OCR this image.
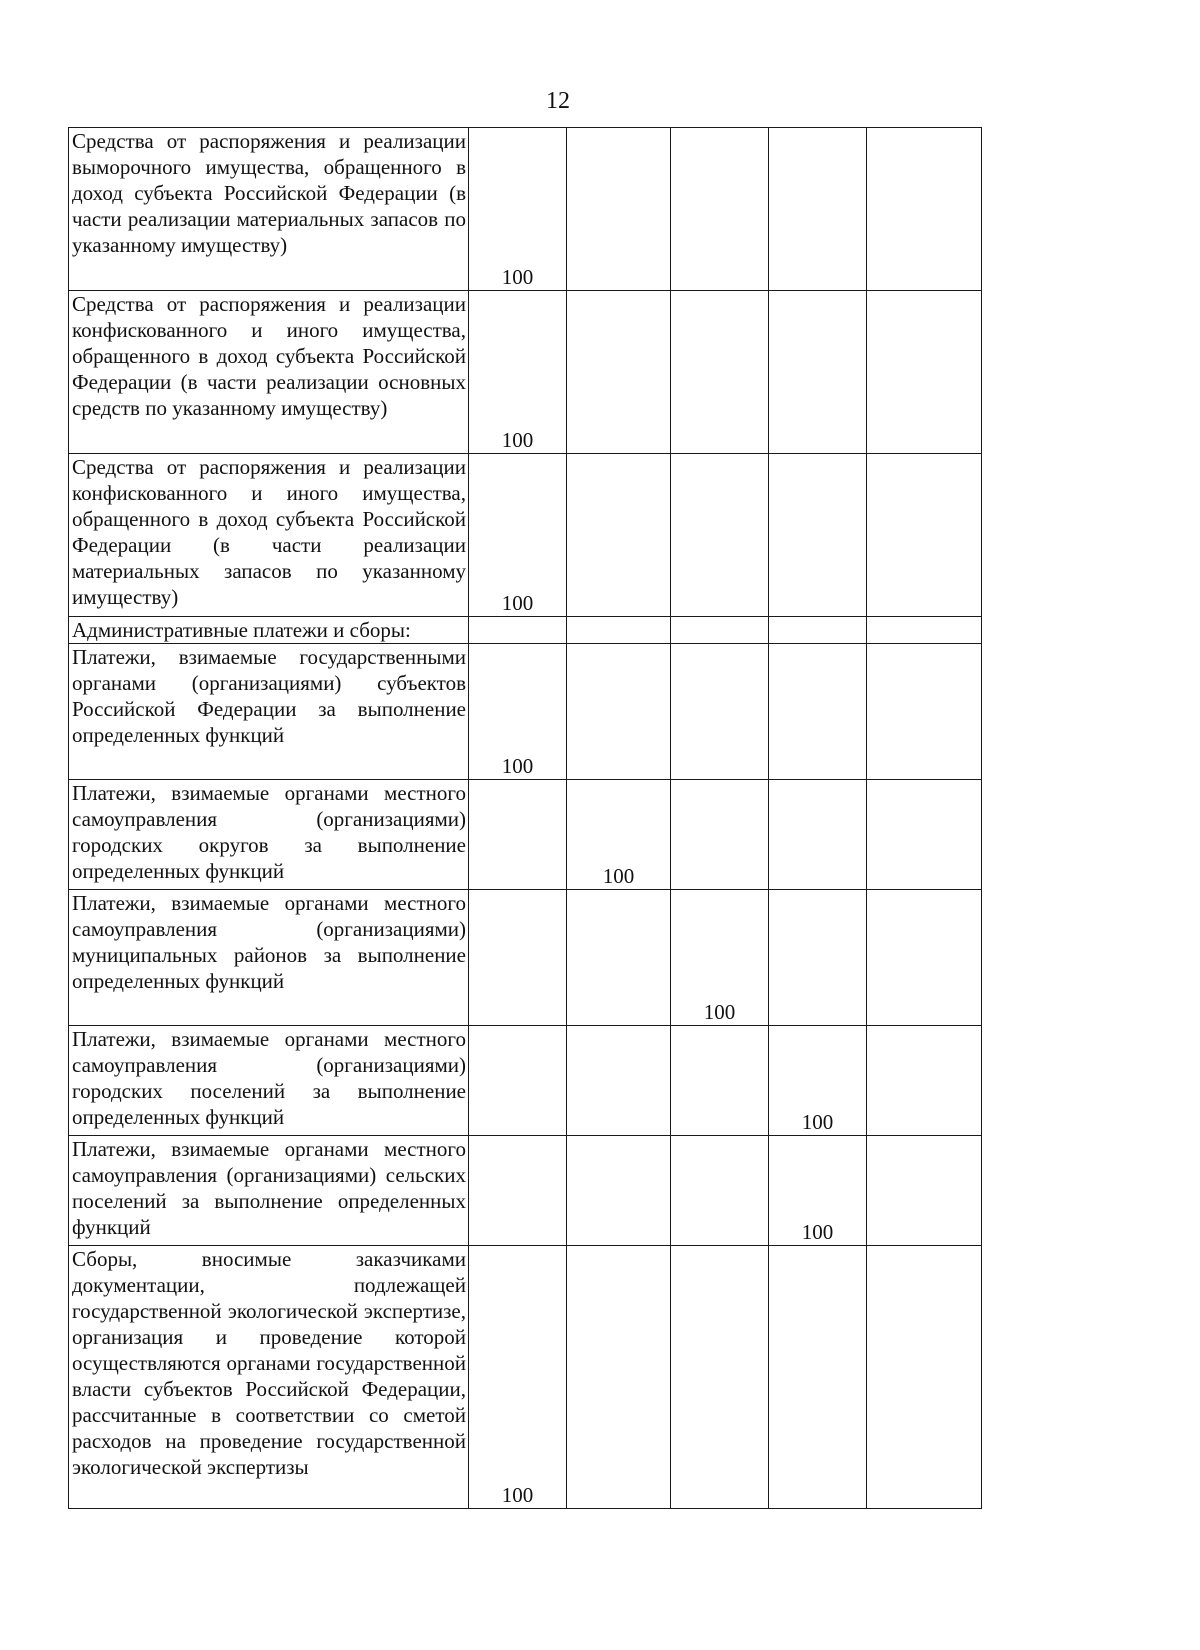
12
Средства от распоряжения и реализации выморочного имущества, обращенного в доход субъекта Российской Федерации (в части реализации материальных запасов по указанному имуществу)	100				

Средства от распоряжения и реализации конфискованного и иного имущества, обращенного в доход субъекта Российской Федерации (в части реализации основных средств по указанному имуществу)	100				

Средства от распоряжения и реализации конфискованного и иного имущества, обращенного в доход субъекта Российской Федерации (в части реализации материальных запасов по указанному имуществу)	100				

Административные платежи и сборы:	

Платежи, взимаемые государственными органами (организациями) субъектов Российской Федерации за выполнение определенных функций	100				

Платежи, взимаемые органами местного самоуправления (организациями) городских округов за выполнение определенных функций		100			

Платежи, взимаемые органами местного самоуправления (организациями) муниципальных районов за выполнение определенных функций			100		

Платежи, взимаемые органами местного самоуправления (организациями) городских поселений за выполнение определенных функций				100	

Платежи, взимаемые органами местного самоуправления (организациями) сельских поселений за выполнение определенных функций				100	

Сборы, вносимые заказчиками документации, подлежащей государственной экологической экспертизе, организация и проведение которой осуществляются органами государственной власти субъектов Российской Федерации, рассчитанные в соответствии со сметой расходов на проведение государственной экологической экспертизы	100				
